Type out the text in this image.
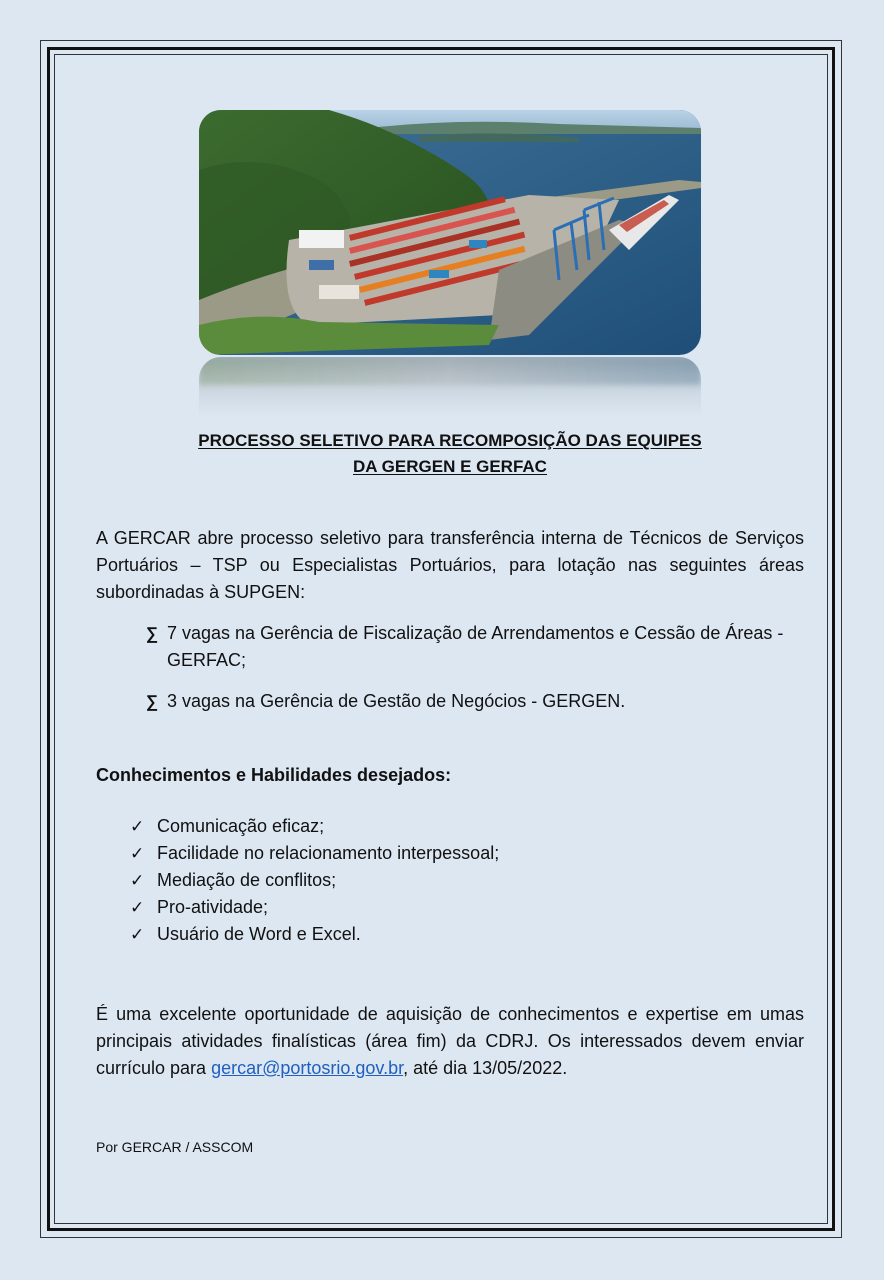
PROCESSO SELETIVO PARA RECOMPOSIÇÃO DAS EQUIPES
DA GERGEN E GERFAC
A GERCAR abre processo seletivo para transferência interna de Técnicos de Serviços Portuários – TSP ou Especialistas Portuários, para lotação nas seguintes áreas subordinadas à SUPGEN:
∑ 7 vagas na Gerência de Fiscalização de Arrendamentos e Cessão de Áreas - GERFAC;
∑ 3 vagas na Gerência de Gestão de Negócios - GERGEN.
Conhecimentos e Habilidades desejados:
✓ Comunicação eficaz;
✓ Facilidade no relacionamento interpessoal;
✓ Mediação de conflitos;
✓ Pro-atividade;
✓ Usuário de Word e Excel.
É uma excelente oportunidade de aquisição de conhecimentos e expertise em umas principais atividades finalísticas (área fim) da CDRJ. Os interessados devem enviar currículo para gercar@portosrio.gov.br, até dia 13/05/2022.
Por GERCAR / ASSCOM
